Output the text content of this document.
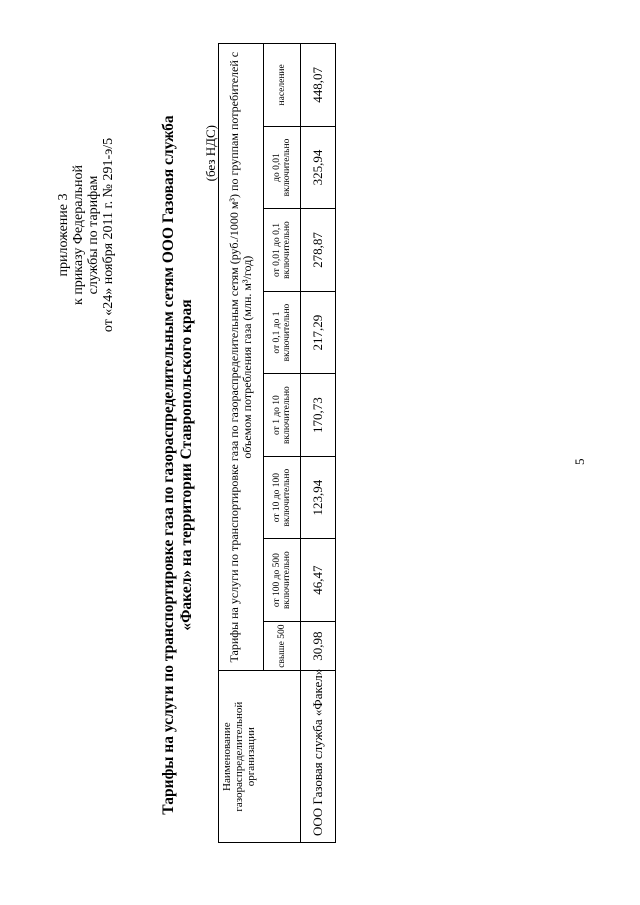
приложение 3 к приказу Федеральной службы по тарифам от «24» ноября 2011 г. № 291-э/5	Тарифы на услуги по транспортировке газа по газораспределительным сетям ООО Газовая служба «Факел» на территории Ставропольского края
(без НДС)
Наименование газораспределительной организации	Тарифы на услуги по транспортировке газа по газораспределительным сетям (руб./1000 м³) по группам потребителей с объемом потребления газа (млн. м³/год)							
	свыше 500	от 100 до 500 включительно	от 10 до 100 включительно	от 1 до 10 включительно	от 0,1 до 1 включительно	от 0,01 до 0,1 включительно	до 0,01 включительно	население
ООО Газовая служба «Факел»	30,98	46,47	123,94	170,73	217,29	278,87	325,94	448,07
5
